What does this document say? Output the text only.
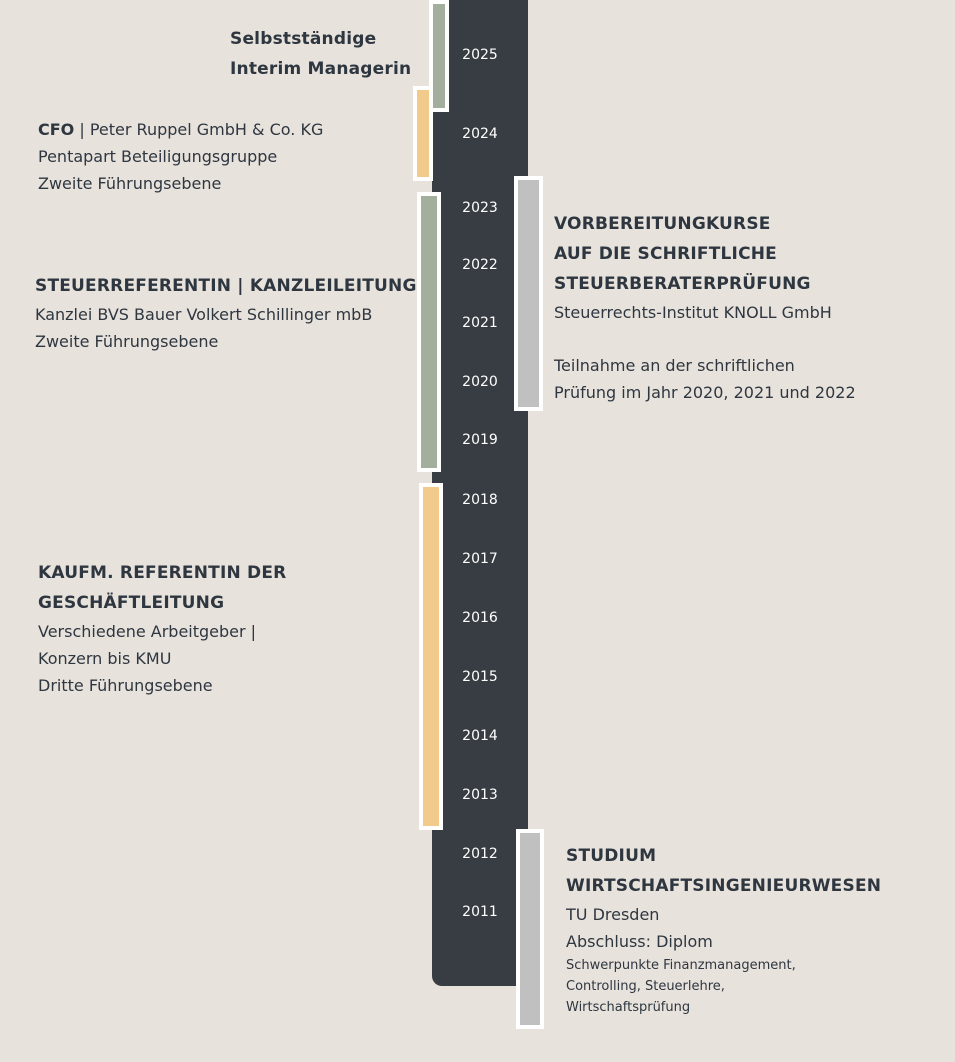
2025
2024
2023
2022
2021
2020
2019
2018
2017
2016
2015
2014
2013
2012
2011
Selbstständige
Interim Managerin
CFO | Peter Ruppel GmbH & Co. KG
Pentapart Beteiligungsgruppe
Zweite Führungsebene
STEUERREFERENTIN | KANZLEILEITUNG
Kanzlei BVS Bauer Volkert Schillinger mbB
Zweite Führungsebene
KAUFM. REFERENTIN DER
GESCHÄFTLEITUNG
Verschiedene Arbeitgeber |
Konzern bis KMU
Dritte Führungsebene
VORBEREITUNGKURSE
AUF DIE SCHRIFTLICHE
STEUERBERATERPRÜFUNG
Steuerrechts-Institut KNOLL GmbH
Teilnahme an der schriftlichen
Prüfung im Jahr 2020, 2021 und 2022
STUDIUM
WIRTSCHAFTSINGENIEURWESEN
TU Dresden
Abschluss: Diplom
Schwerpunkte Finanzmanagement,
Controlling, Steuerlehre,
Wirtschaftsprüfung
